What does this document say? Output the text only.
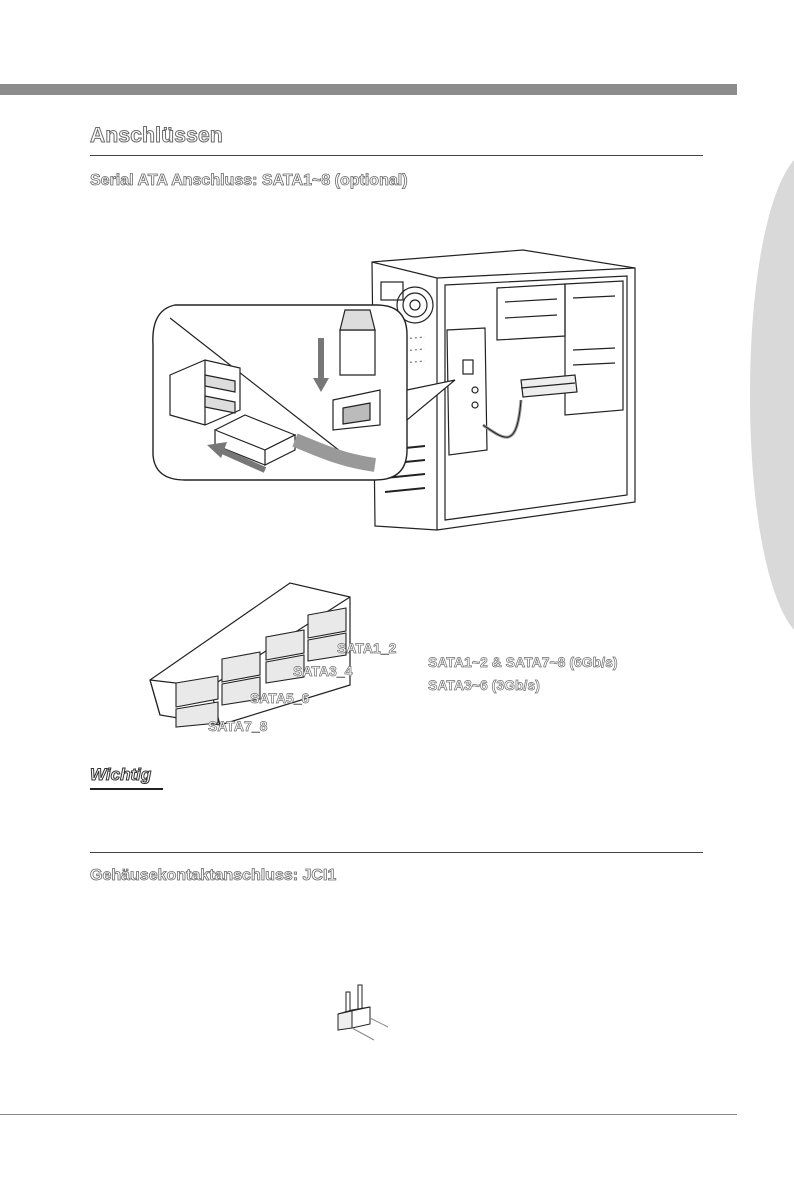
Anschlüssen
Serial ATA Anschluss: SATA1~8 (optional)
SATA1_2
SATA3_4
SATA5_6
SATA7_8
SATA1~2 & SATA7~8 (6Gb/s)
SATA3~6 (3Gb/s)
Wichtig
Gehäusekontaktanschluss: JCI1
